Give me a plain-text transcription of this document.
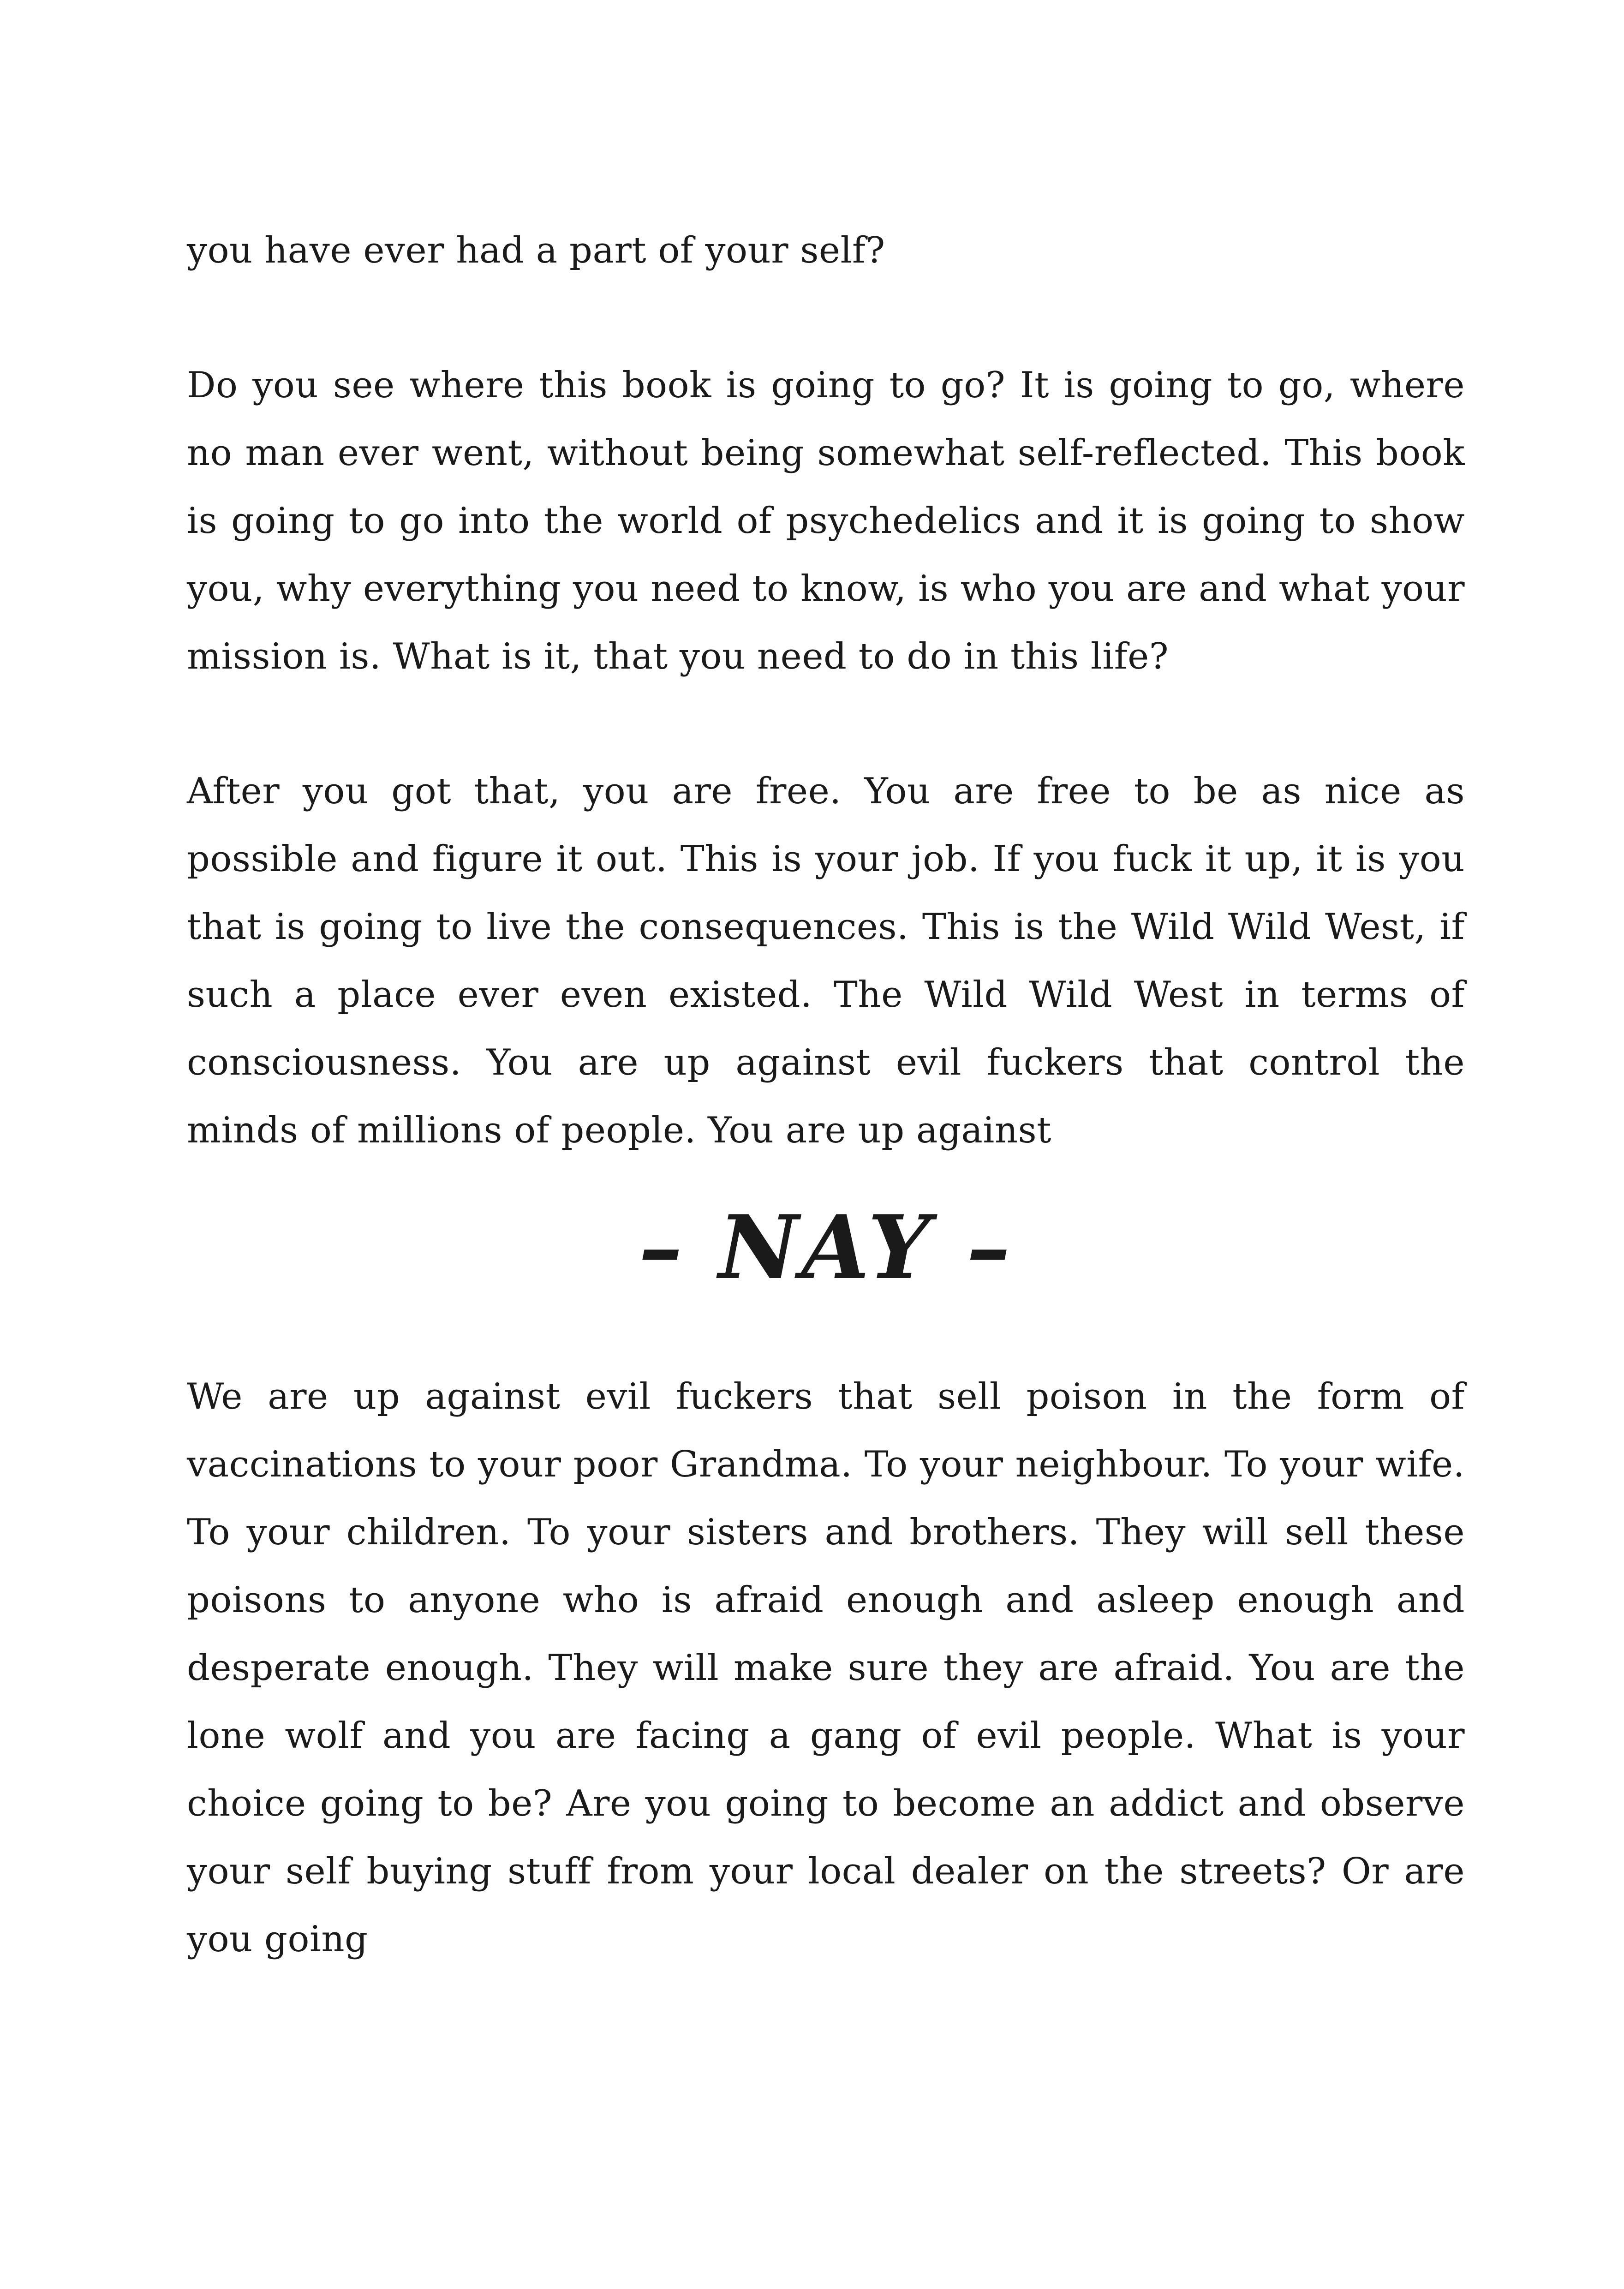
you have ever had a part of your self?

Do you see where this book is going to go? It is going to go, where no man ever went, without being somewhat self-reflected. This book is going to go into the world of psychedelics and it is going to show you, why everything you need to know, is who you are and what your mission is. What is it, that you need to do in this life?

After you got that, you are free. You are free to be as nice as possible and figure it out. This is your job. If you fuck it up, it is you that is going to live the consequences. This is the Wild Wild West, if such a place ever even existed. The Wild Wild West in terms of consciousness. You are up against evil fuckers that control the minds of millions of people. You are up against

– NAY –

We are up against evil fuckers that sell poison in the form of vaccinations to your poor Grandma. To your neighbour. To your wife. To your children. To your sisters and brothers. They will sell these poisons to anyone who is afraid enough and asleep enough and desperate enough. They will make sure they are afraid. You are the lone wolf and you are facing a gang of evil people. What is your choice going to be? Are you going to become an addict and observe your self buying stuff from your local dealer on the streets? Or are you going
